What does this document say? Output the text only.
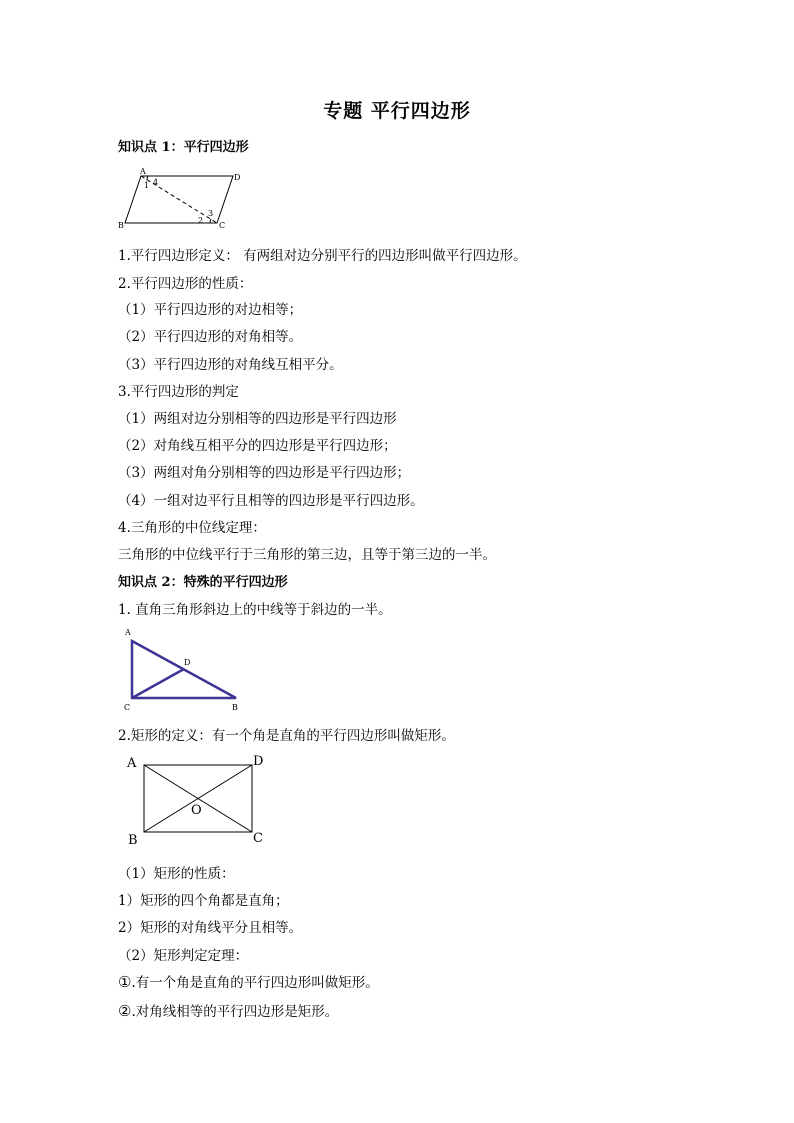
专题 平行四边形
知识点 1：平行四边形
A
D
B	C
1 4
3
2
1.平行四边形定义： 有两组对边分别平行的四边形叫做平行四边形。
2.平行四边形的性质：
（1）平行四边形的对边相等；
（2）平行四边形的对角相等。
（3）平行四边形的对角线互相平分。
3.平行四边形的判定
（1）两组对边分别相等的四边形是平行四边形
（2）对角线互相平分的四边形是平行四边形；
（3）两组对角分别相等的四边形是平行四边形；
（4）一组对边平行且相等的四边形是平行四边形。
4.三角形的中位线定理：
三角形的中位线平行于三角形的第三边，且等于第三边的一半。
知识点 2：特殊的平行四边形
1. 直角三角形斜边上的中线等于斜边的一半。
A
D
C	B
2.矩形的定义：有一个角是直角的平行四边形叫做矩形。
A	D
B	C
O
（1）矩形的性质：
1）矩形的四个角都是直角；
2）矩形的对角线平分且相等。
（2）矩形判定定理：
①.有一个角是直角的平行四边形叫做矩形。
②.对角线相等的平行四边形是矩形。
